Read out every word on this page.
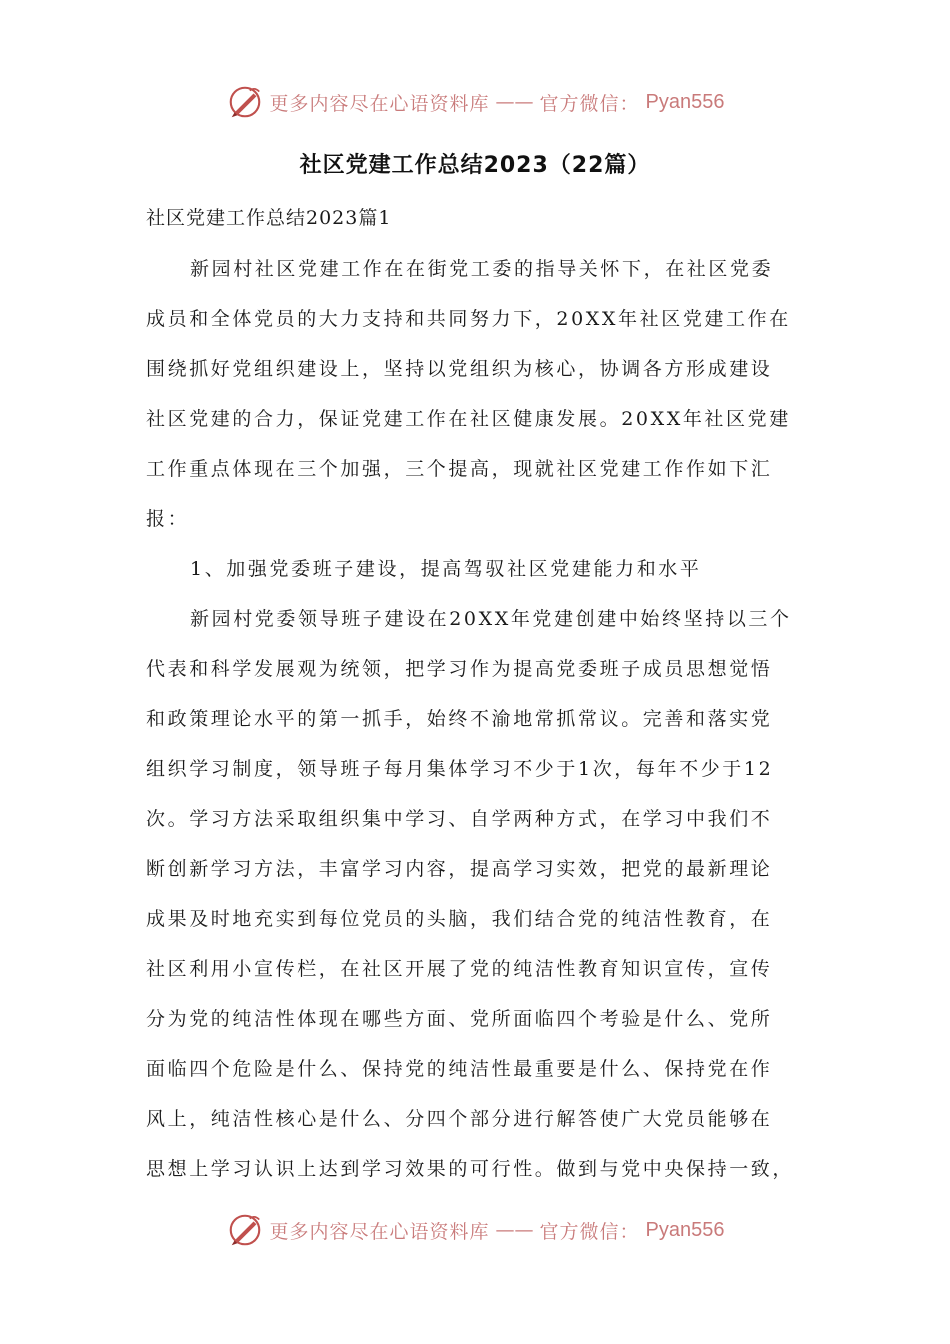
更多内容尽在心语资料库 —— 官方微信： Pyan556
社区党建工作总结2023（22篇）
社区党建工作总结2023篇1
新园村社区党建工作在在街党工委的指导关怀下，在社区党委
成员和全体党员的大力支持和共同努力下，20XX年社区党建工作在
围绕抓好党组织建设上，坚持以党组织为核心，协调各方形成建设
社区党建的合力，保证党建工作在社区健康发展。20XX年社区党建
工作重点体现在三个加强，三个提高，现就社区党建工作作如下汇
报：
1、加强党委班子建设，提高驾驭社区党建能力和水平
新园村党委领导班子建设在20XX年党建创建中始终坚持以三个
代表和科学发展观为统领，把学习作为提高党委班子成员思想觉悟
和政策理论水平的第一抓手，始终不渝地常抓常议。完善和落实党
组织学习制度，领导班子每月集体学习不少于1次，每年不少于12
次。学习方法采取组织集中学习、自学两种方式，在学习中我们不
断创新学习方法，丰富学习内容，提高学习实效，把党的最新理论
成果及时地充实到每位党员的头脑，我们结合党的纯洁性教育，在
社区利用小宣传栏，在社区开展了党的纯洁性教育知识宣传，宣传
分为党的纯洁性体现在哪些方面、党所面临四个考验是什么、党所
面临四个危险是什么、保持党的纯洁性最重要是什么、保持党在作
风上，纯洁性核心是什么、分四个部分进行解答使广大党员能够在
思想上学习认识上达到学习效果的可行性。做到与党中央保持一致，
更多内容尽在心语资料库 —— 官方微信： Pyan556
